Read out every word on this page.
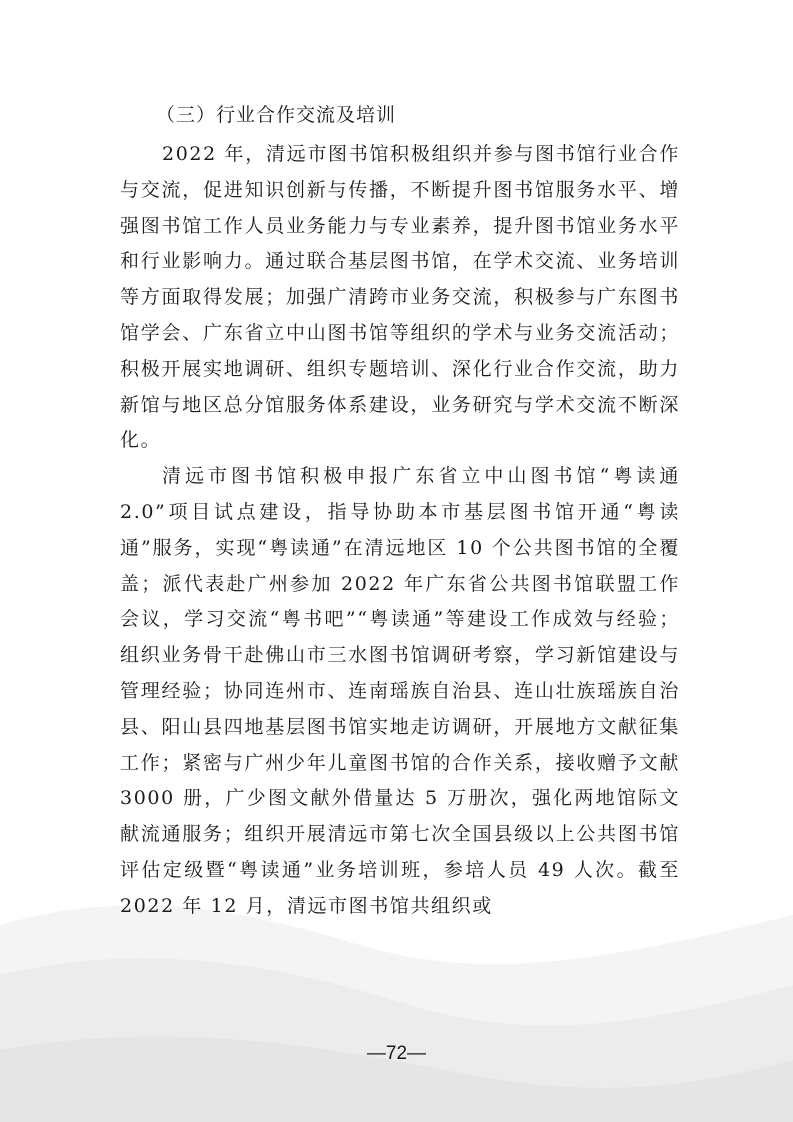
（三）行业合作交流及培训

2022 年，清远市图书馆积极组织并参与图书馆行业合作与交流，促进知识创新与传播，不断提升图书馆服务水平、增强图书馆工作人员业务能力与专业素养，提升图书馆业务水平和行业影响力。通过联合基层图书馆，在学术交流、业务培训等方面取得发展；加强广清跨市业务交流，积极参与广东图书馆学会、广东省立中山图书馆等组织的学术与业务交流活动；积极开展实地调研、组织专题培训、深化行业合作交流，助力新馆与地区总分馆服务体系建设，业务研究与学术交流不断深化。

清远市图书馆积极申报广东省立中山图书馆“粤读通 2.0”项目试点建设，指导协助本市基层图书馆开通“粤读通”服务，实现“粤读通”在清远地区 10 个公共图书馆的全覆盖；派代表赴广州参加 2022 年广东省公共图书馆联盟工作会议，学习交流“粤书吧”“粤读通”等建设工作成效与经验；组织业务骨干赴佛山市三水图书馆调研考察，学习新馆建设与管理经验；协同连州市、连南瑶族自治县、连山壮族瑶族自治县、阳山县四地基层图书馆实地走访调研，开展地方文献征集工作；紧密与广州少年儿童图书馆的合作关系，接收赠予文献 3000 册，广少图文献外借量达 5 万册次，强化两地馆际文献流通服务；组织开展清远市第七次全国县级以上公共图书馆评估定级暨“粤读通”业务培训班，参培人员 49 人次。截至 2022 年 12 月，清远市图书馆共组织或

—72—
